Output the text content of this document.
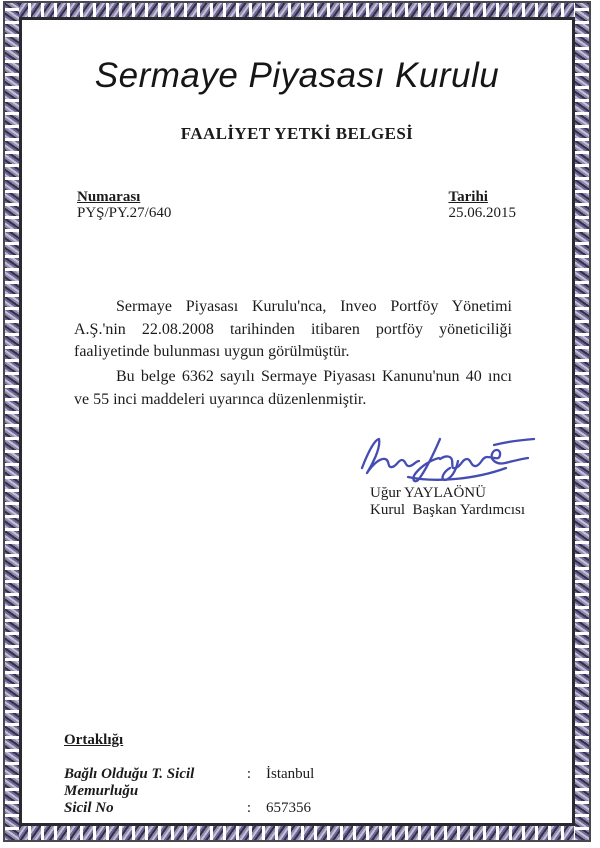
Sermaye Piyasası Kurulu
FAALİYET YETKİ BELGESİ
Numarası
PYŞ/PY.27/640
Tarihi
25.06.2015
Sermaye Piyasası Kurulu'nca, Inveo Portföy Yönetimi A.Ş.'nin 22.08.2008 tarihinden itibaren portföy yöneticiliği faaliyetinde bulunması uygun görülmüştür.
Bu belge 6362 sayılı Sermaye Piyasası Kanunu'nun 40 ıncı ve 55 inci maddeleri uyarınca düzenlenmiştir.
Uğur YAYLAÖNÜ
Kurul  Başkan Yardımcısı
Ortaklığı
Bağlı Olduğu T. Sicil Memurluğu
: İstanbul
Sicil No	: 657356
